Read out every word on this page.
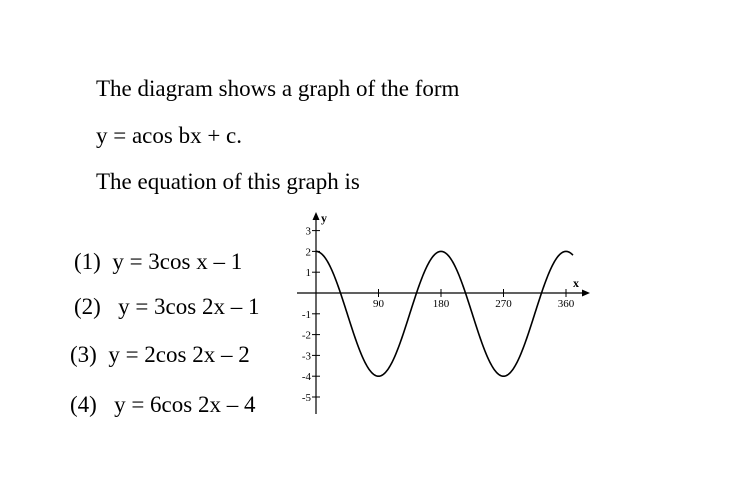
The diagram shows a graph of the form
y = acos bx + c.
The equation of this graph is
(1) y = 3cos x – 1
(2) y = 3cos 2x – 1
(3) y = 2cos 2x – 2
(4) y = 6cos 2x – 4
x
y
90	180	270	360
3
2
1
-1
-2
-3
-4
-5
